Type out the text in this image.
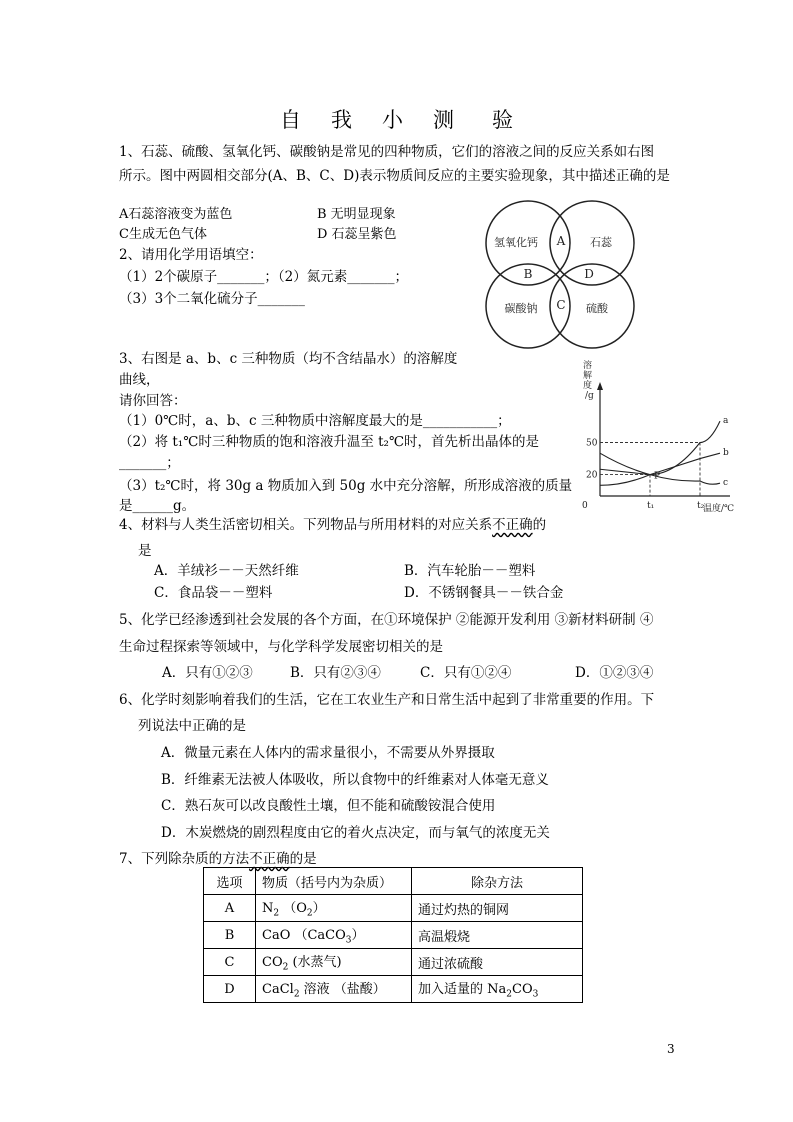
自 我 小 测 验
1、石蕊、硫酸、氢氧化钙、碳酸钠是常见的四种物质，它们的溶液之间的反应关系如右图
所示。图中两圆相交部分(A、B、C、D)表示物质间反应的主要实验现象，其中描述正确的是
A石蕊溶液变为蓝色	B 无明显现象
C生成无色气体	D 石蕊呈紫色
氢氧化钙	石蕊
碳酸钠	硫酸
A
B	D
C
2、请用化学用语填空：
（1）2个碳原子_______；（2）氮元素_______；
（3）3个二氧化硫分子_______
3、右图是 a、b、c 三种物质（均不含结晶水）的溶解度
曲线，
请你回答：
（1）0℃时，a、b、c 三种物质中溶解度最大的是___________；
（2）将 t₁℃时三种物质的饱和溶液升温至 t₂℃时，首先析出晶体的是
_______；
（3）t₂℃时，将 30g a 物质加入到 50g 水中充分溶解，所形成溶液的质量
是______g。
溶解度/g
温度/℃
a
b
c
50
20
0	t₁	t₂
P
4、材料与人类生活密切相关。下列物品与所用材料的对应关系不正确的
是
A．羊绒衫－－天然纤维	B．汽车轮胎－－塑料
C．食品袋－－塑料	D．不锈钢餐具－－铁合金
5、化学已经渗透到社会发展的各个方面，在①环境保护 ②能源开发利用 ③新材料研制 ④
生命过程探索等领域中，与化学科学发展密切相关的是
A．只有①②③	B．只有②③④	C．只有①②④	D．①②③④
6、化学时刻影响着我们的生活，它在工农业生产和日常生活中起到了非常重要的作用。下
列说法中正确的是
A．微量元素在人体内的需求量很小，不需要从外界摄取
B．纤维素无法被人体吸收，所以食物中的纤维素对人体毫无意义
C．熟石灰可以改良酸性土壤，但不能和硫酸铵混合使用
D．木炭燃烧的剧烈程度由它的着火点决定，而与氧气的浓度无关
7、下列除杂质的方法不正确的是
选项	物质（括号内为杂质）	除杂方法
A	$N_2$ $(O_2)$	通过灼热的铜网
B	CaO （CaCO$_3$）	高温煅烧
C	$CO_2$ (水蒸气)	通过浓硫酸
D	CaCl$_2$ 溶液 （盐酸）	加入适量的 $Na_2CO_3$
3
